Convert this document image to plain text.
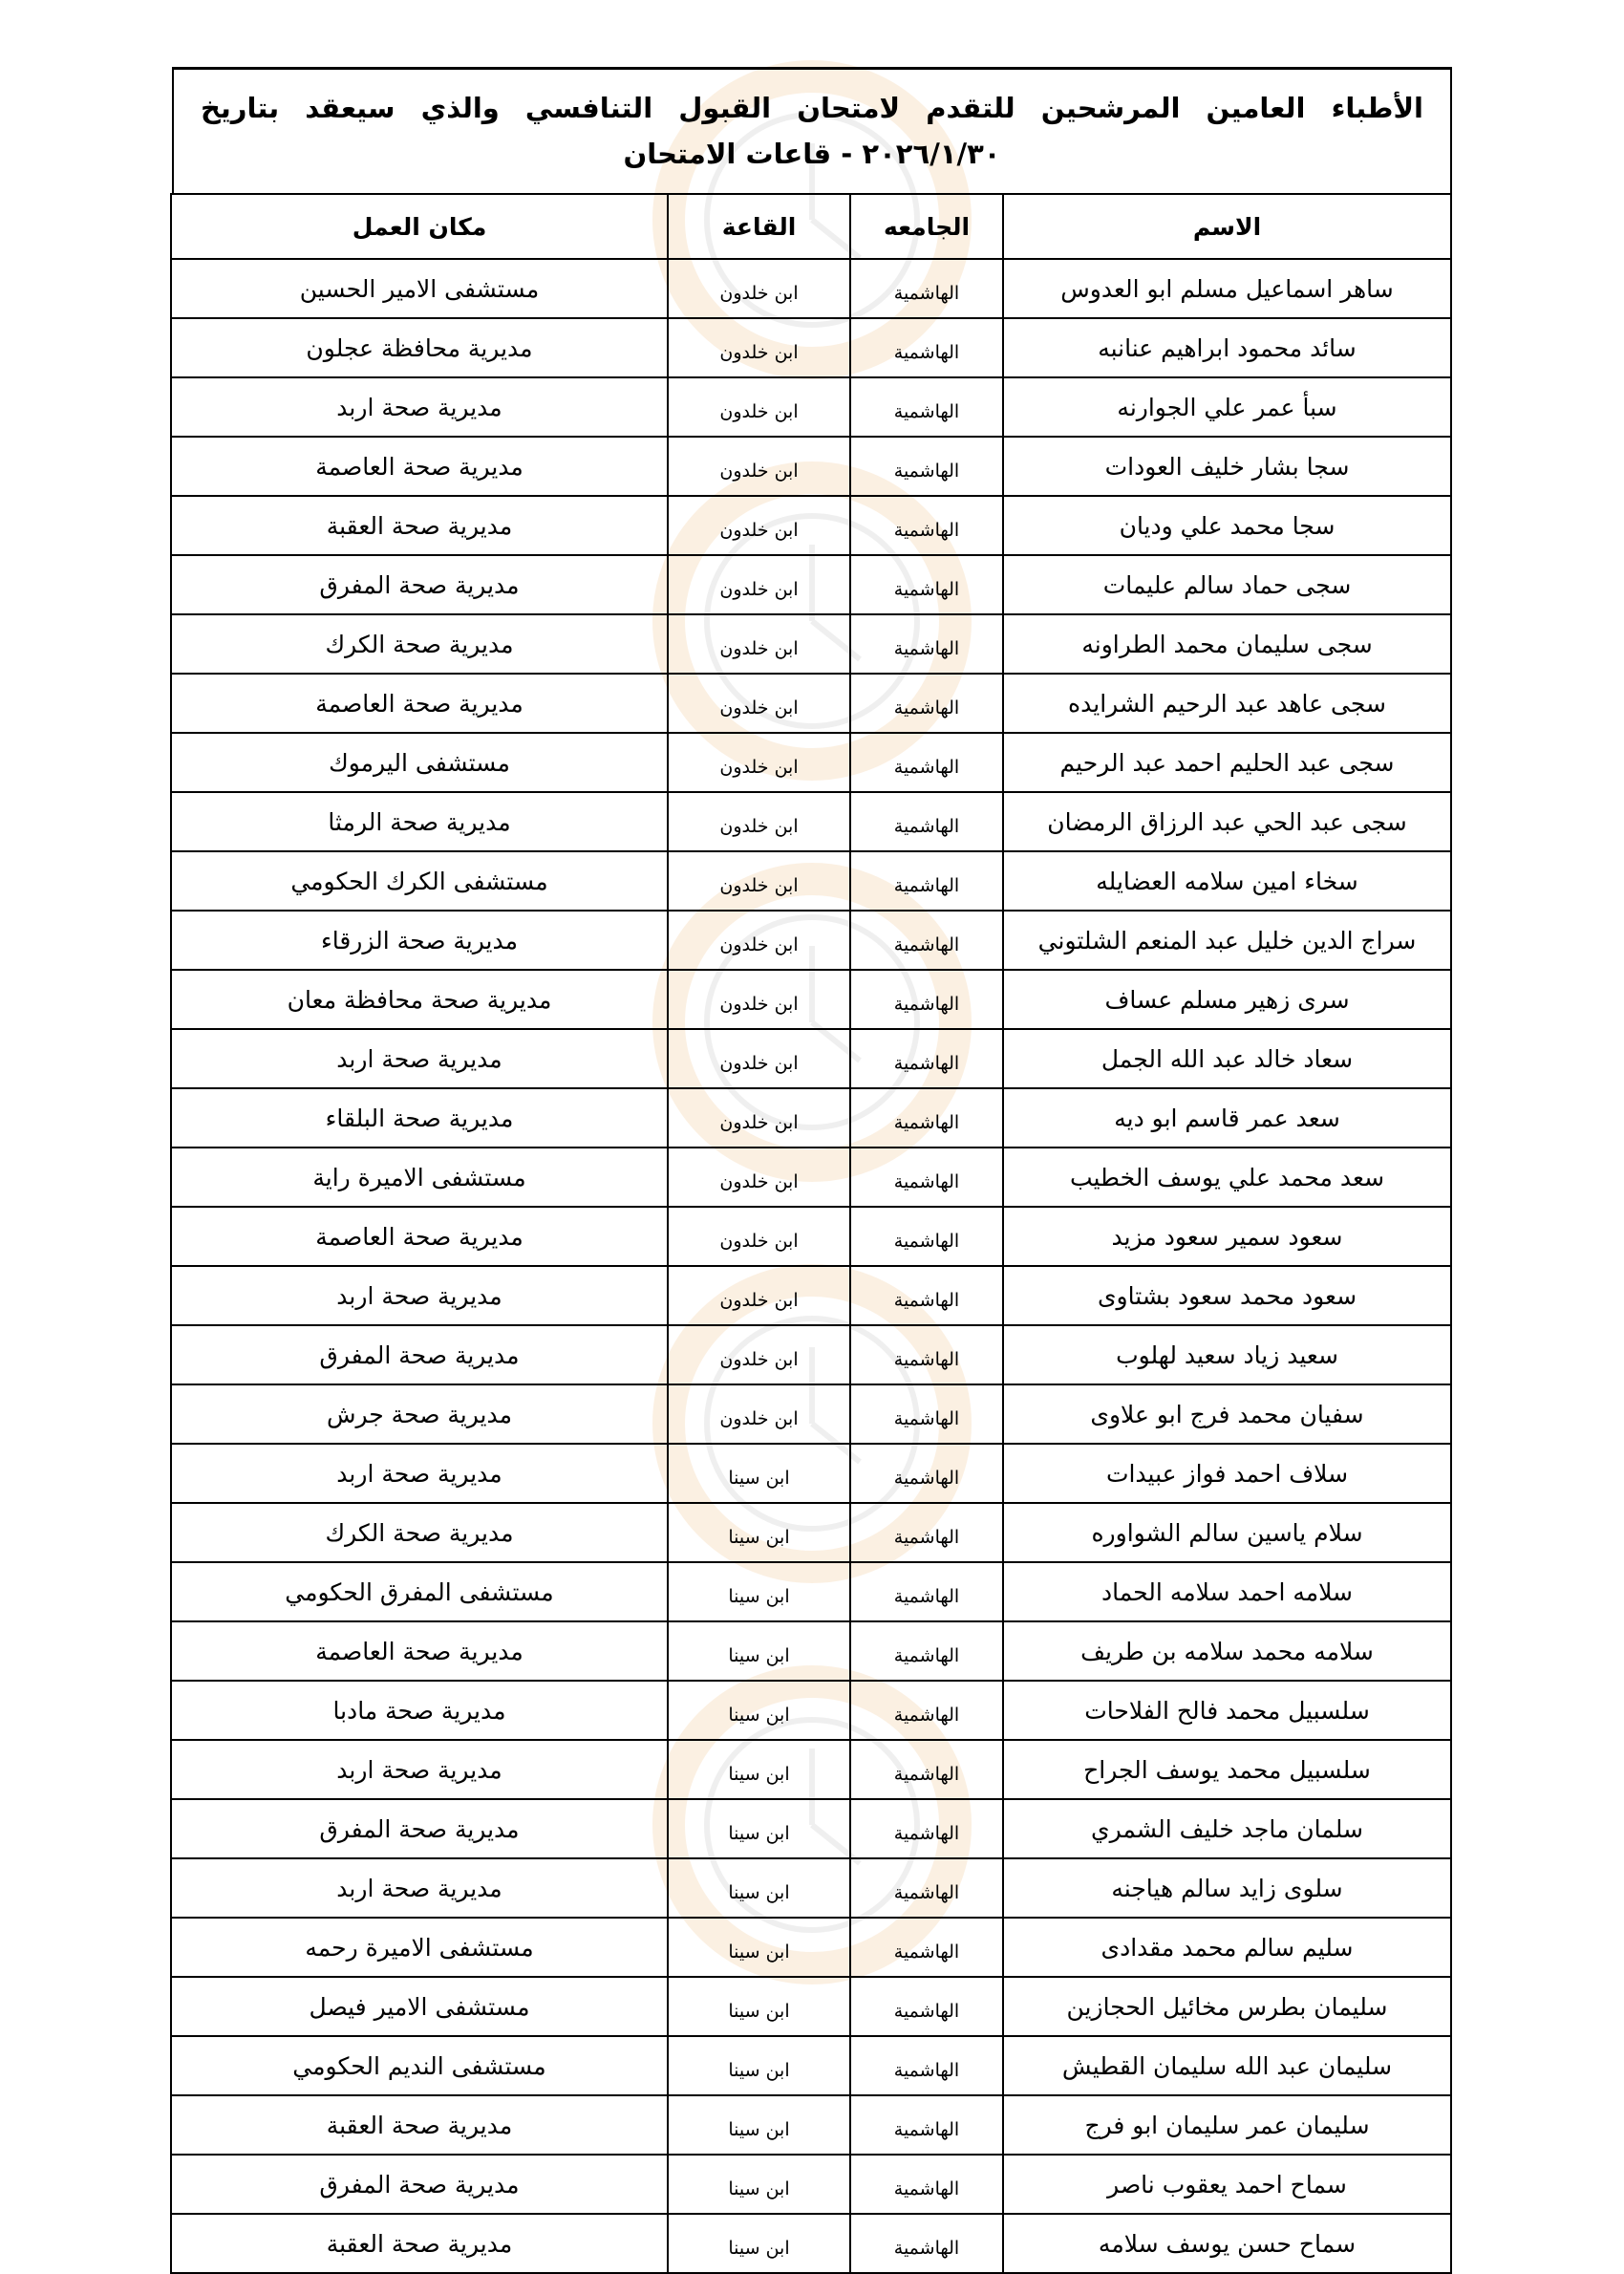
الأطباء العامين المرشحين للتقدم لامتحان القبول التنافسي والذي سيعقد بتاريخ ٢٠٢٦/١/٣٠ - قاعات الامتحان

الاسم	الجامعه	القاعة	مكان العمل
ساهر اسماعيل مسلم ابو العدوس	الهاشمية	ابن خلدون	مستشفى الامير الحسين
سائد محمود ابراهيم عنانبه	الهاشمية	ابن خلدون	مديرية محافظة عجلون
سبأ عمر علي الجوارنه	الهاشمية	ابن خلدون	مديرية صحة اربد
سجا بشار خليف العودات	الهاشمية	ابن خلدون	مديرية صحة العاصمة
سجا محمد علي وديان	الهاشمية	ابن خلدون	مديرية صحة العقبة
سجى حماد سالم عليمات	الهاشمية	ابن خلدون	مديرية صحة المفرق
سجى سليمان محمد الطراونه	الهاشمية	ابن خلدون	مديرية صحة الكرك
سجى عاهد عبد الرحيم الشرايده	الهاشمية	ابن خلدون	مديرية صحة العاصمة
سجى عبد الحليم احمد عبد الرحيم	الهاشمية	ابن خلدون	مستشفى اليرموك
سجى عبد الحي عبد الرزاق الرمضان	الهاشمية	ابن خلدون	مديرية صحة الرمثا
سخاء امين سلامه العضايله	الهاشمية	ابن خلدون	مستشفى الكرك الحكومي
سراج الدين خليل عبد المنعم الشلتوني	الهاشمية	ابن خلدون	مديرية صحة الزرقاء
سرى زهير مسلم عساف	الهاشمية	ابن خلدون	مديرية صحة محافظة معان
سعاد خالد عبد الله الجمل	الهاشمية	ابن خلدون	مديرية صحة اربد
سعد عمر قاسم ابو ديه	الهاشمية	ابن خلدون	مديرية صحة البلقاء
سعد محمد علي يوسف الخطيب	الهاشمية	ابن خلدون	مستشفى الاميرة راية
سعود سمير سعود مزيد	الهاشمية	ابن خلدون	مديرية صحة العاصمة
سعود محمد سعود بشتاوى	الهاشمية	ابن خلدون	مديرية صحة اربد
سعيد زياد سعيد لهلوب	الهاشمية	ابن خلدون	مديرية صحة المفرق
سفيان محمد فرج ابو علاوى	الهاشمية	ابن خلدون	مديرية صحة جرش
سلاف احمد فواز عبيدات	الهاشمية	ابن سينا	مديرية صحة اربد
سلام ياسين سالم الشواوره	الهاشمية	ابن سينا	مديرية صحة الكرك
سلامه احمد سلامه الحماد	الهاشمية	ابن سينا	مستشفى المفرق الحكومي
سلامه محمد سلامه بن طريف	الهاشمية	ابن سينا	مديرية صحة العاصمة
سلسبيل محمد فالح الفلاحات	الهاشمية	ابن سينا	مديرية صحة مادبا
سلسبيل محمد يوسف الجراح	الهاشمية	ابن سينا	مديرية صحة اربد
سلمان ماجد خليف الشمري	الهاشمية	ابن سينا	مديرية صحة المفرق
سلوى زايد سالم هياجنه	الهاشمية	ابن سينا	مديرية صحة اربد
سليم سالم محمد مقدادى	الهاشمية	ابن سينا	مستشفى الاميرة رحمه
سليمان بطرس مخائيل الحجازين	الهاشمية	ابن سينا	مستشفى الامير فيصل
سليمان عبد الله سليمان القطيش	الهاشمية	ابن سينا	مستشفى النديم الحكومي
سليمان عمر سليمان ابو فرج	الهاشمية	ابن سينا	مديرية صحة العقبة
سماح احمد يعقوب ناصر	الهاشمية	ابن سينا	مديرية صحة المفرق
سماح حسن يوسف سلامه	الهاشمية	ابن سينا	مديرية صحة العقبة
